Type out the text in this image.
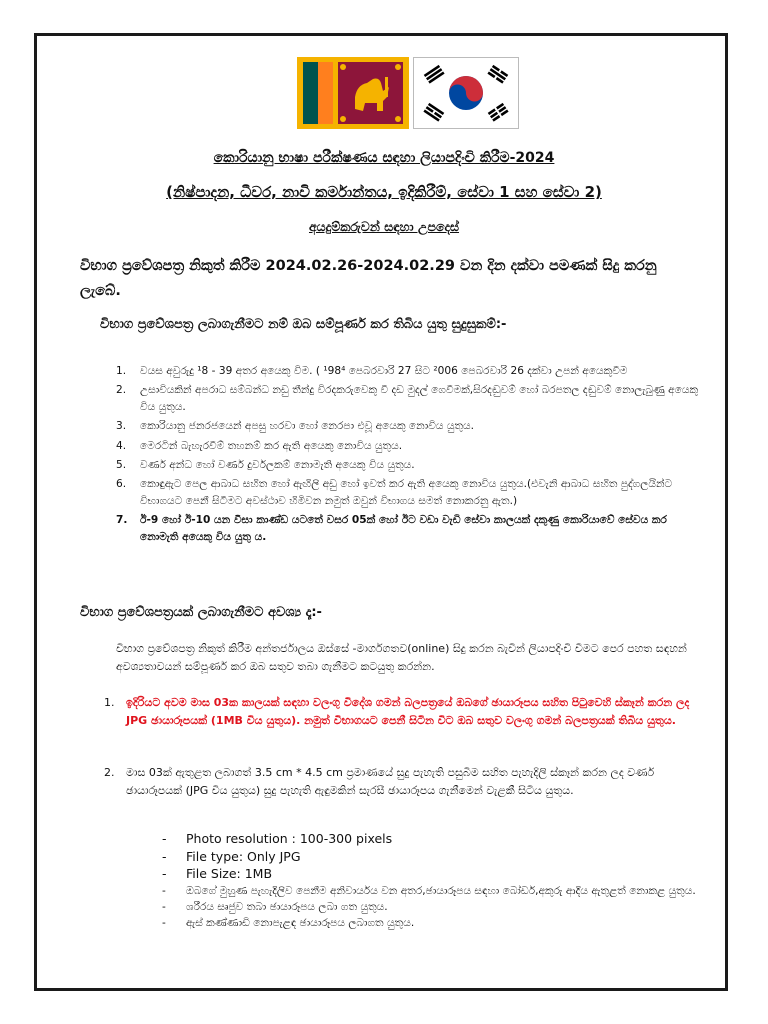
කොරියානු භාෂා පරීක්ෂණය සඳහා ලියාපදිංචි කිරීම-2024
(නිෂ්පාදන, ධීවර, නාවි කර්මාන්තය, ඉදිකිරීම්, සේවා 1 සහ සේවා 2)
අයදුම්කරුවන් සඳහා උපදෙස්
විභාග ප්‍රවේශපත්‍ර නිකුත් කිරීම 2024.02.26-2024.02.29 වන දින දක්වා පමණක් සිදු කරනු ලැබේ.
විභාග ප්‍රවේශපත්‍ර ලබාගැනීමට නම් ඔබ සම්පූර්ණ කර තිබිය යුතු සුදුසුකම්:-
1. වයස අවුරුදු ¹8 - 39 අතර අයෙකු විම. ( ¹98⁴ පෙබරවාරි 27 සිට ²006 පෙබරවාරි 26 දක්වා උපන් අයෙකුවීම
2. උසාවියකින් අපරාධ සම්බන්ධ නඩු තීන්දු විරදකරුවෙකු වී දඩ මුදල් ගෙවීමක්,සිරදඬුවම් හෝ බරපතල දඬුවම් නොලැබුණු අයෙකු විය යුතුය.
3. කොරියානු ජනරජයෙන් අපසු හරවා හෝ නෙරපා එවූ අයෙකු නොවිය යුතුය.
4. මෙරටින් බැහැරවීම් තහනම් කර ඇති අයෙකු නොවිය යුතුය.
5. වර්ණ අන්ධ හෝ වර්ණ දුර්වලකම් නොමැති අයෙකු විය යුතුය.
6. කොඳුඇට පෙල ආබාධ සහිත හෝ ඇඟිලි අඩු හෝ ඉවත් කර ඇති අයෙකු නොවිය යුතුය.(එවැනි ආබාධ සහිත පුද්ගලයින්ට විභාගයට පෙනී සිටීමට අවස්ථාව හිමිවන නමුත් ඔවුන් විභාගය සමත් නොකරනු ඇත.)
7. ඊ-9 හෝ ඊ-10 යන වීසා කාණ්ඩ යටතේ වසර 05ක් හෝ ඊට වඩා වැඩි සේවා කාලයක් දකුණු කොරියාවේ සේවය කර නොමැති අයෙකු විය යුතු ය.
විභාග ප්‍රවේශපත්‍රයක් ලබාගැනීමට අවශ්‍ය දෑ:-
විභාග ප්‍රවේශපත්‍ර නිකුත් කිරීම අන්තර්ජාලය ඔස්සේ -මාර්ගගතව(online) සිදු කරන බැවින් ලියාපදිංචි වීමට පෙර පහත සඳහන් අවශ්‍යතාවයන් සම්පූර්ණ කර ඔබ සතුව තබා ගැනීමට කටයුතු කරන්න.
1. ඉදිරියට අවම මාස 03ක කාලයක් සඳහා වලංගු විදේශ ගමන් බලපත්‍රයේ ඔබගේ ඡායාරූපය සහිත පිටුවෙහි ස්කෑන් කරන ලද JPG ඡායාරූපයක් (1MB විය යුතුය). නමුත් විභාගයට පෙනී සිටින විට ඔබ සතුව වලංගු ගමන් බලපත්‍රයක් තිබිය යුතුය.
2. මාස 03ක් ඇතුළත ලබාගත් 3.5 cm * 4.5 cm ප්‍රමාණයේ සුදු පැහැති පසුබිම සහිත පැහැදිලි ස්කෑන් කරන ලද වර්ණ ඡායාරූපයක් (JPG විය යුතුය) සුදු පැහැති ඇඳුමකින් සැරසී ඡායාරූපය ගැනීමෙන් වැළකී සිටිය යුතුය.
- Photo resolution : 100-300 pixels
- File type: Only JPG
- File Size: 1MB
- ඔබගේ මුහුණ පැහැදිලිව පෙනීම අනිවාර්යය වන අතර,ඡායාරූපය සඳහා බෝඩර්,අකුරු ආදිය ඇතුළත් නොකළ යුතුය.
- ශරීරය සෘජුව තබා ඡායාරූපය ලබා ගත යුතුය.
- ඇස් කණ්ණාඩි නොපැළඳ ඡායාරූපය ලබාගත යුතුය.
